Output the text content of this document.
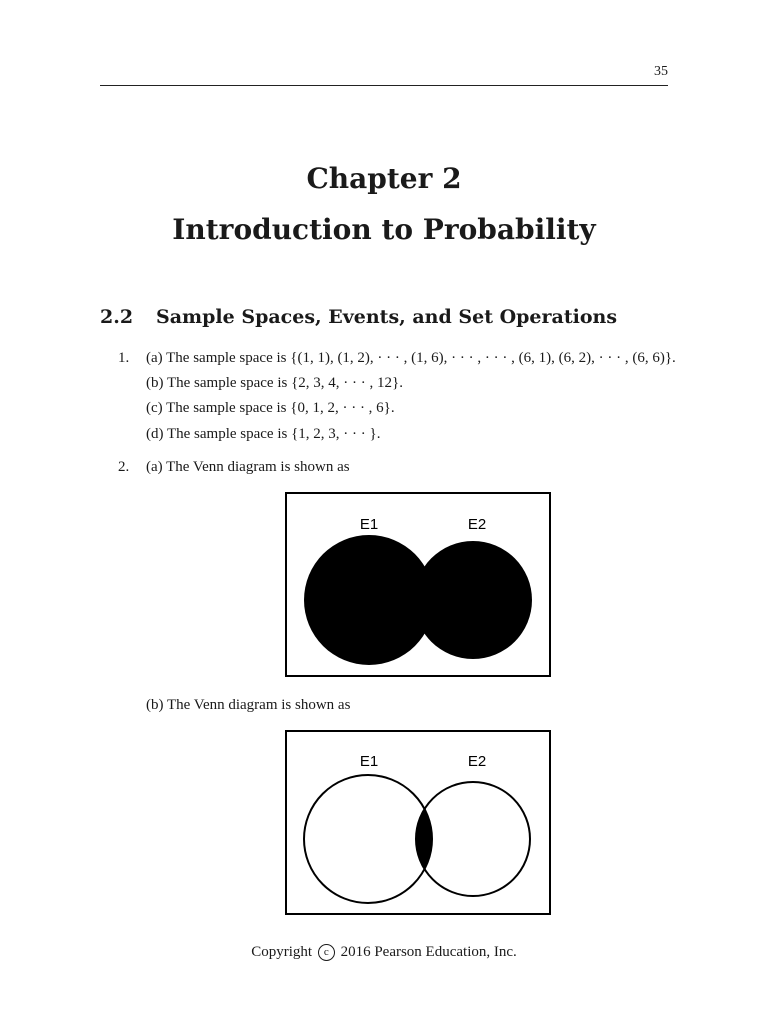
35
Chapter 2
Introduction to Probability
2.2 Sample Spaces, Events, and Set Operations
1. (a) The sample space is {(1, 1), (1, 2), · · · , (1, 6), · · · , · · · , (6, 1), (6, 2), · · · , (6, 6)}.
(b) The sample space is {2, 3, 4, · · · , 12}.
(c) The sample space is {0, 1, 2, · · · , 6}.
(d) The sample space is {1, 2, 3, · · · }.
2. (a) The Venn diagram is shown as
E1	E2
(b) The Venn diagram is shown as
E1	E2
Copyright c 2016 Pearson Education, Inc.
